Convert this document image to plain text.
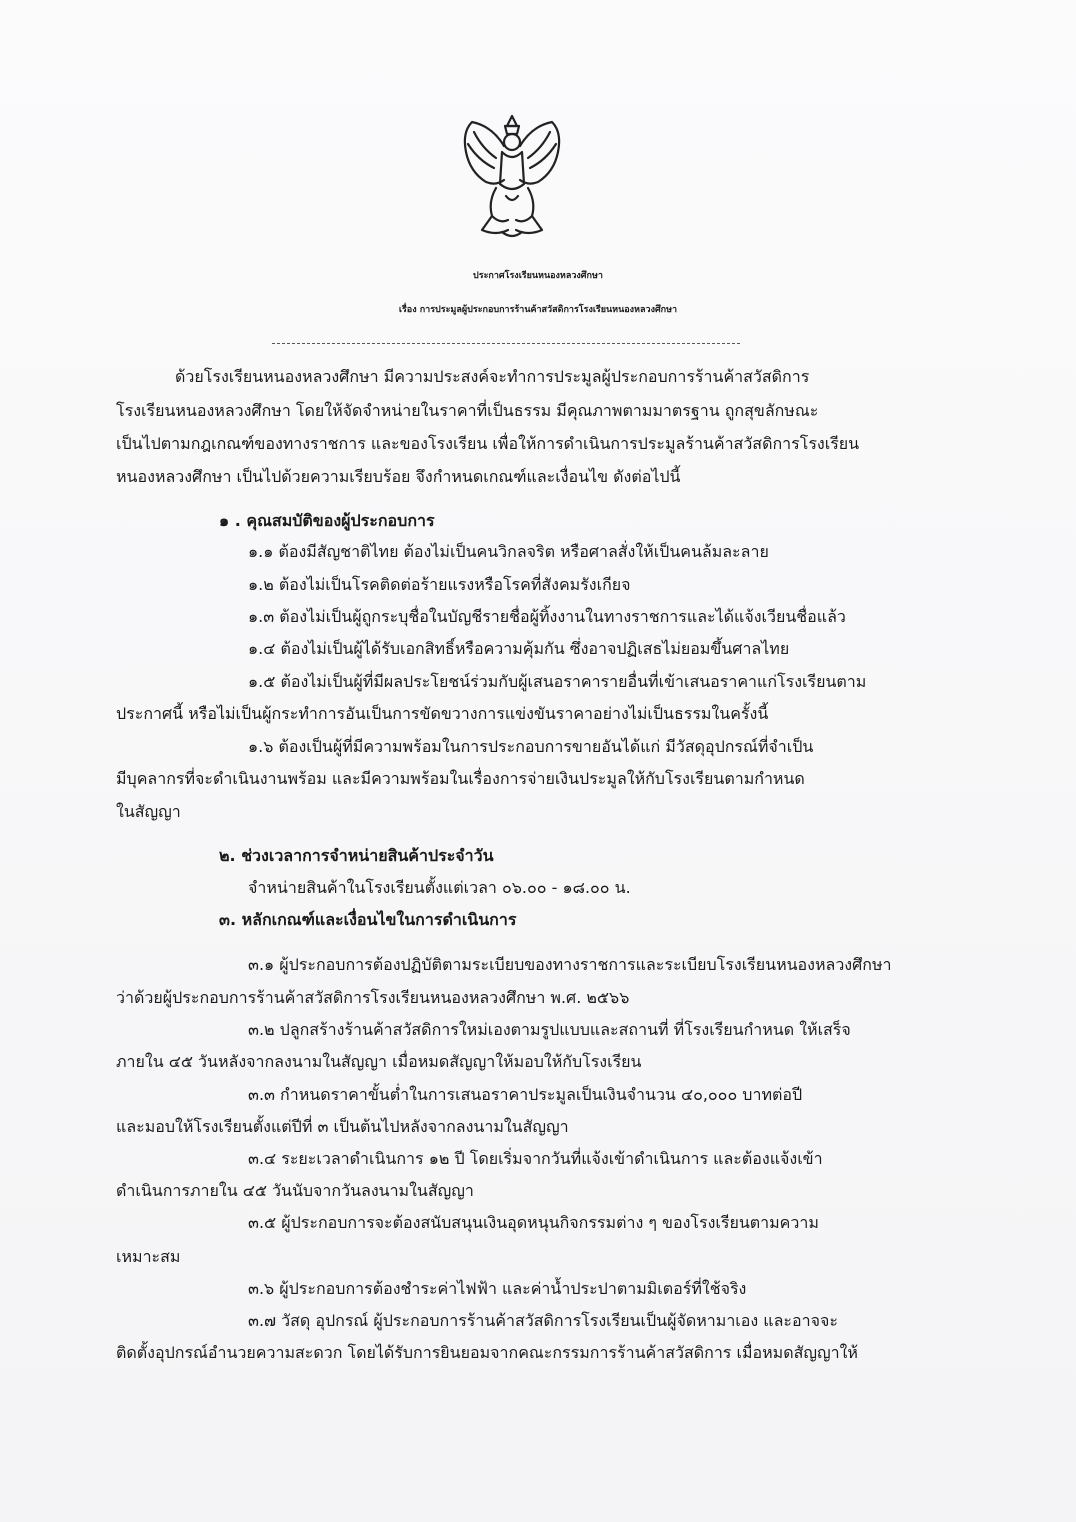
ประกาศโรงเรียนหนองหลวงศึกษา
เรื่อง การประมูลผู้ประกอบการร้านค้าสวัสดิการโรงเรียนหนองหลวงศึกษา
ด้วยโรงเรียนหนองหลวงศึกษา มีความประสงค์จะทำการประมูลผู้ประกอบการร้านค้าสวัสดิการ
โรงเรียนหนองหลวงศึกษา โดยให้จัดจำหน่ายในราคาที่เป็นธรรม มีคุณภาพตามมาตรฐาน ถูกสุขลักษณะ
เป็นไปตามกฎเกณฑ์ของทางราชการ และของโรงเรียน เพื่อให้การดำเนินการประมูลร้านค้าสวัสดิการโรงเรียน
หนองหลวงศึกษา เป็นไปด้วยความเรียบร้อย จึงกำหนดเกณฑ์และเงื่อนไข ดังต่อไปนี้
๑ . คุณสมบัติของผู้ประกอบการ
๑.๑ ต้องมีสัญชาติไทย ต้องไม่เป็นคนวิกลจริต หรือศาลสั่งให้เป็นคนล้มละลาย
๑.๒ ต้องไม่เป็นโรคติดต่อร้ายแรงหรือโรคที่สังคมรังเกียจ
๑.๓ ต้องไม่เป็นผู้ถูกระบุชื่อในบัญชีรายชื่อผู้ทิ้งงานในทางราชการและได้แจ้งเวียนชื่อแล้ว
๑.๔ ต้องไม่เป็นผู้ได้รับเอกสิทธิ์หรือความคุ้มกัน ซึ่งอาจปฏิเสธไม่ยอมขึ้นศาลไทย
๑.๕ ต้องไม่เป็นผู้ที่มีผลประโยชน์ร่วมกับผู้เสนอราคารายอื่นที่เข้าเสนอราคาแก่โรงเรียนตาม
ประกาศนี้ หรือไม่เป็นผู้กระทำการอันเป็นการขัดขวางการแข่งขันราคาอย่างไม่เป็นธรรมในครั้งนี้
๑.๖ ต้องเป็นผู้ที่มีความพร้อมในการประกอบการขายอันได้แก่ มีวัสดุอุปกรณ์ที่จำเป็น
มีบุคลากรที่จะดำเนินงานพร้อม และมีความพร้อมในเรื่องการจ่ายเงินประมูลให้กับโรงเรียนตามกำหนด
ในสัญญา
๒. ช่วงเวลาการจำหน่ายสินค้าประจำวัน
จำหน่ายสินค้าในโรงเรียนตั้งแต่เวลา ๐๖.๐๐ - ๑๘.๐๐ น.
๓. หลักเกณฑ์และเงื่อนไขในการดำเนินการ
๓.๑ ผู้ประกอบการต้องปฏิบัติตามระเบียบของทางราชการและระเบียบโรงเรียนหนองหลวงศึกษา
ว่าด้วยผู้ประกอบการร้านค้าสวัสดิการโรงเรียนหนองหลวงศึกษา พ.ศ. ๒๕๖๖
๓.๒ ปลูกสร้างร้านค้าสวัสดิการใหม่เองตามรูปแบบและสถานที่ ที่โรงเรียนกำหนด ให้เสร็จ
ภายใน ๔๕ วันหลังจากลงนามในสัญญา เมื่อหมดสัญญาให้มอบให้กับโรงเรียน
๓.๓ กำหนดราคาขั้นต่ำในการเสนอราคาประมูลเป็นเงินจำนวน ๔๐,๐๐๐ บาทต่อปี
และมอบให้โรงเรียนตั้งแต่ปีที่ ๓ เป็นต้นไปหลังจากลงนามในสัญญา
๓.๔ ระยะเวลาดำเนินการ ๑๒ ปี โดยเริ่มจากวันที่แจ้งเข้าดำเนินการ และต้องแจ้งเข้า
ดำเนินการภายใน ๔๕ วันนับจากวันลงนามในสัญญา
๓.๕ ผู้ประกอบการจะต้องสนับสนุนเงินอุดหนุนกิจกรรมต่าง ๆ ของโรงเรียนตามความ
เหมาะสม
๓.๖ ผู้ประกอบการต้องชำระค่าไฟฟ้า และค่าน้ำประปาตามมิเตอร์ที่ใช้จริง
๓.๗ วัสดุ อุปกรณ์ ผู้ประกอบการร้านค้าสวัสดิการโรงเรียนเป็นผู้จัดหามาเอง และอาจจะ
ติดตั้งอุปกรณ์อำนวยความสะดวก โดยได้รับการยินยอมจากคณะกรรมการร้านค้าสวัสดิการ เมื่อหมดสัญญาให้
